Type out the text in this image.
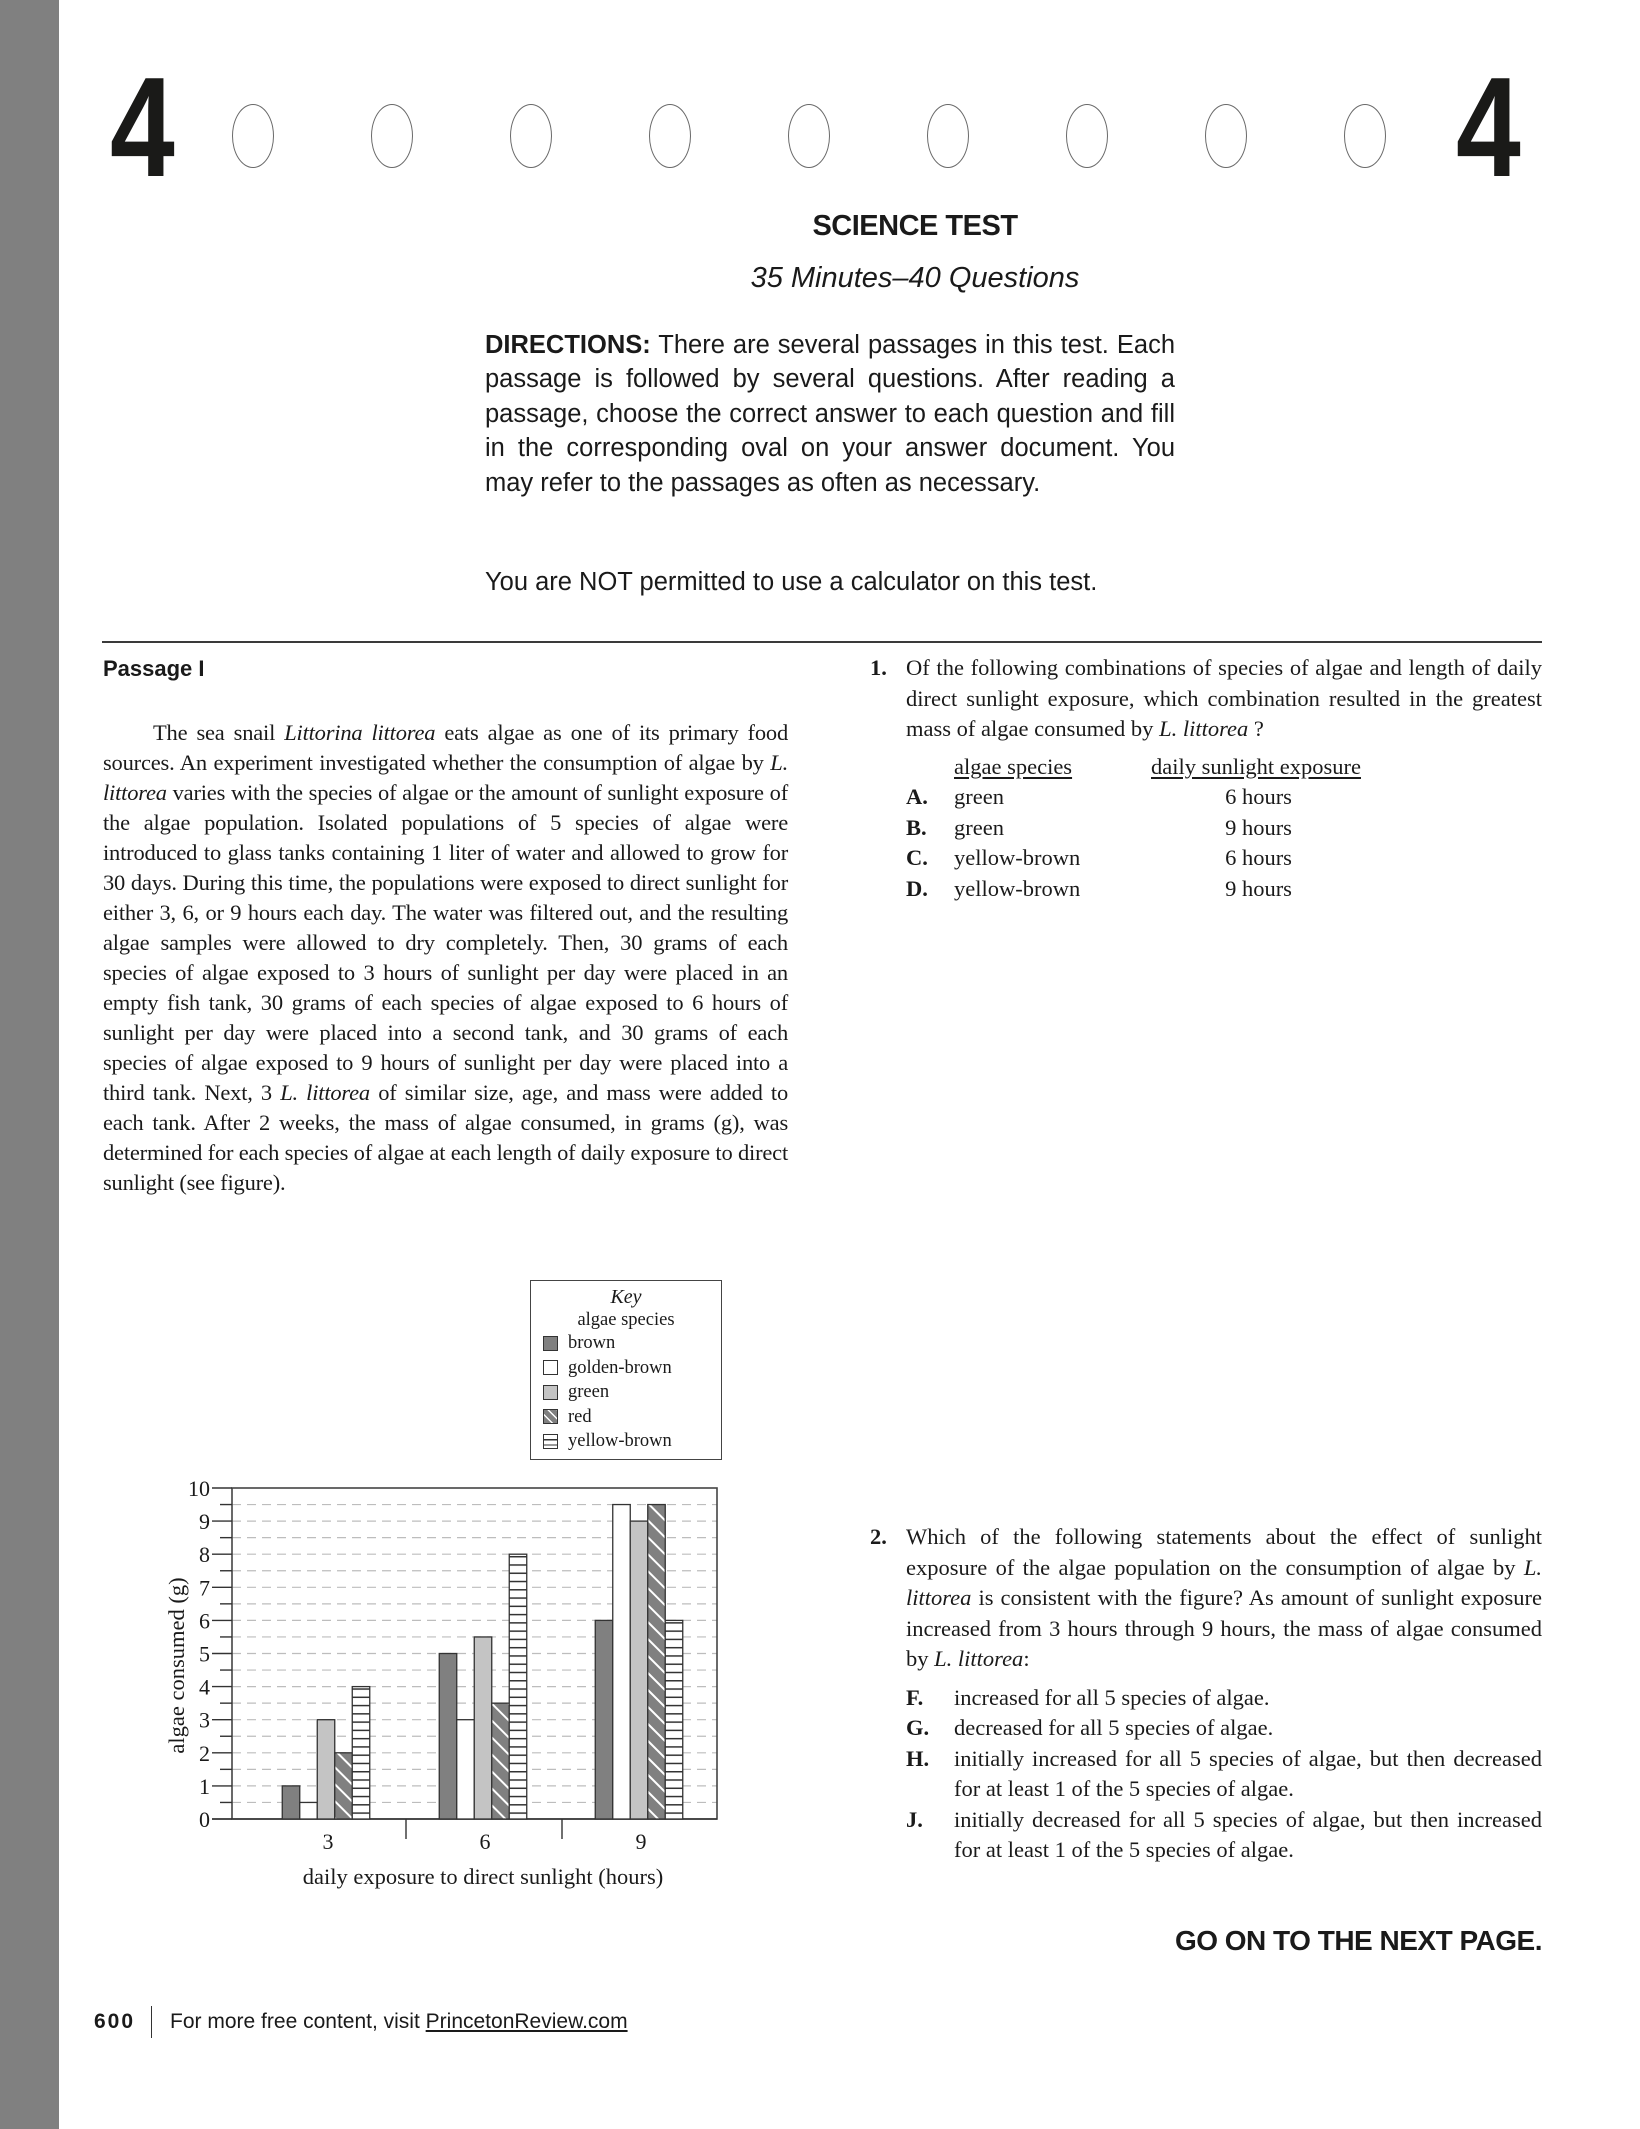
4	4
SCIENCE TEST
35 Minutes–40 Questions
DIRECTIONS: There are several passages in this test. Each passage is followed by several questions. After reading a passage, choose the correct answer to each question and fill in the corresponding oval on your answer document. You may refer to the passages as often as necessary.
You are NOT permitted to use a calculator on this test.
Passage I

The sea snail Littorina littorea eats algae as one of its primary food sources. An experiment investigated whether the consumption of algae by L. littorea varies with the species of algae or the amount of sunlight exposure of the algae population. Isolated populations of 5 species of algae were introduced to glass tanks containing 1 liter of water and allowed to grow for 30 days. During this time, the populations were exposed to direct sunlight for either 3, 6, or 9 hours each day. The water was filtered out, and the resulting algae samples were allowed to dry completely. Then, 30 grams of each species of algae exposed to 3 hours of sunlight per day were placed in an empty fish tank, 30 grams of each species of algae exposed to 6 hours of sunlight per day were placed into a second tank, and 30 grams of each species of algae exposed to 9 hours of sunlight per day were placed into a third tank. Next, 3 L. littorea of similar size, age, and mass were added to each tank. After 2 weeks, the mass of algae consumed, in grams (g), was determined for each species of algae at each length of daily exposure to direct sunlight (see figure).

Key
algae species
brown
golden-brown
green
red
yellow-brown
0
1
2
3
4
5
6
7
8
9
10
3	6	9
daily exposure to direct sunlight (hours)
algae consumed (g)
1. Of the following combinations of species of algae and length of daily direct sunlight exposure, which combination resulted in the greatest mass of algae consumed by L. littorea ?
algae species	daily sunlight exposure
A.	green	6 hours
B.	green	9 hours
C.	yellow-brown	6 hours
D.	yellow-brown	9 hours
2. Which of the following statements about the effect of sunlight exposure of the algae population on the consumption of algae by L. littorea is consistent with the figure? As amount of sunlight exposure increased from 3 hours through 9 hours, the mass of algae consumed by L. littorea:
F. increased for all 5 species of algae.
G. decreased for all 5 species of algae.
H. initially increased for all 5 species of algae, but then decreased for at least 1 of the 5 species of algae.
J. initially decreased for all 5 species of algae, but then increased for at least 1 of the 5 species of algae.
GO ON TO THE NEXT PAGE.
600 For more free content, visit
PrincetonReview.com
